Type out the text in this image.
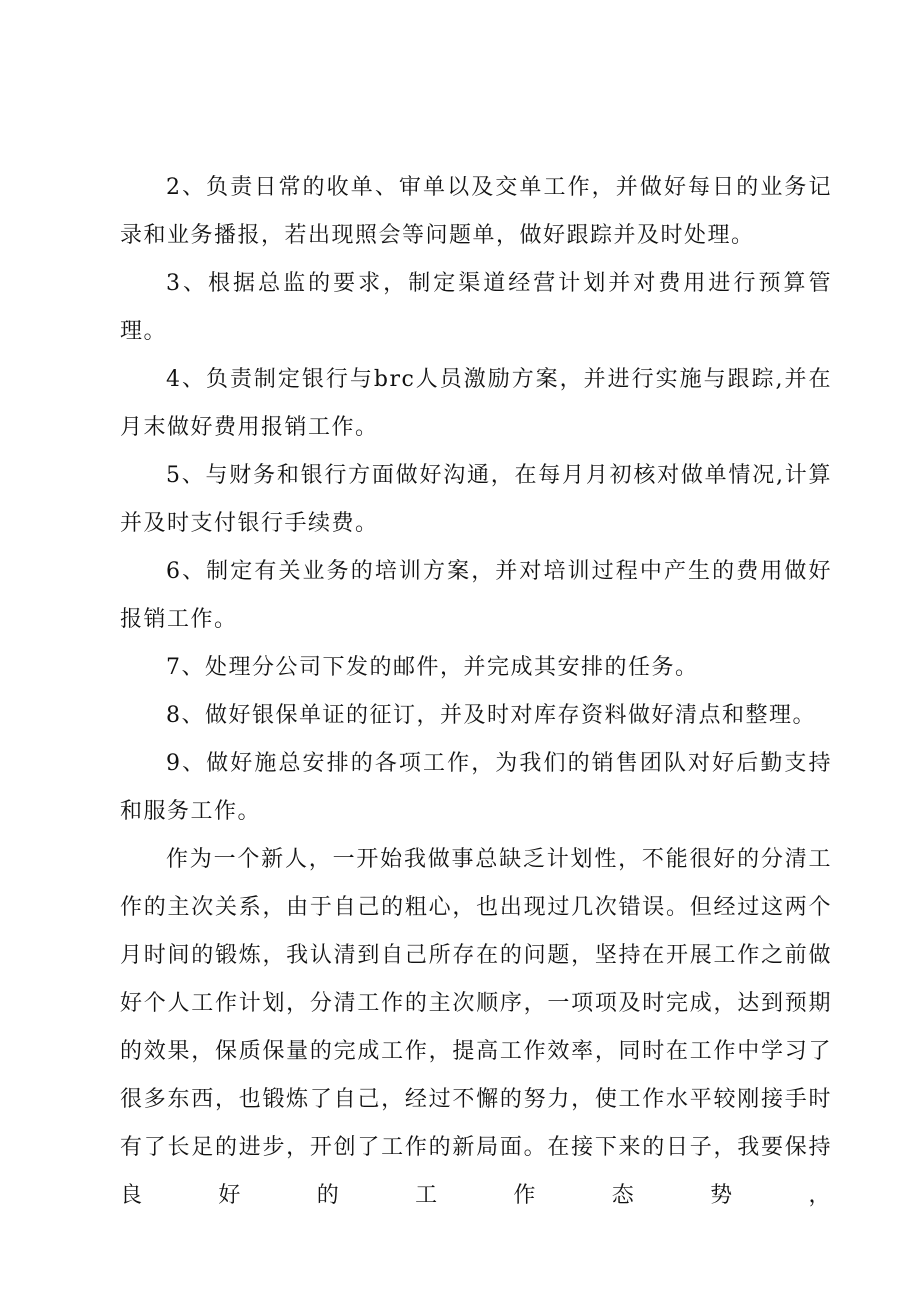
2、负责日常的收单、审单以及交单工作，并做好每日的业务记录和业务播报，若出现照会等问题单，做好跟踪并及时处理。

3、根据总监的要求，制定渠道经营计划并对费用进行预算管理。

4、负责制定银行与brc人员激励方案，并进行实施与跟踪,并在月末做好费用报销工作。

5、与财务和银行方面做好沟通，在每月月初核对做单情况,计算并及时支付银行手续费。

6、制定有关业务的培训方案，并对培训过程中产生的费用做好报销工作。

7、处理分公司下发的邮件，并完成其安排的任务。

8、做好银保单证的征订，并及时对库存资料做好清点和整理。

9、做好施总安排的各项工作，为我们的销售团队对好后勤支持和服务工作。

作为一个新人，一开始我做事总缺乏计划性，不能很好的分清工作的主次关系，由于自己的粗心，也出现过几次错误。但经过这两个月时间的锻炼，我认清到自己所存在的问题，坚持在开展工作之前做好个人工作计划，分清工作的主次顺序，一项项及时完成，达到预期的效果，保质保量的完成工作，提高工作效率，同时在工作中学习了很多东西，也锻炼了自己，经过不懈的努力，使工作水平较刚接手时有了长足的进步，开创了工作的新局面。在接下来的日子，我要保持良好的工作态势，
